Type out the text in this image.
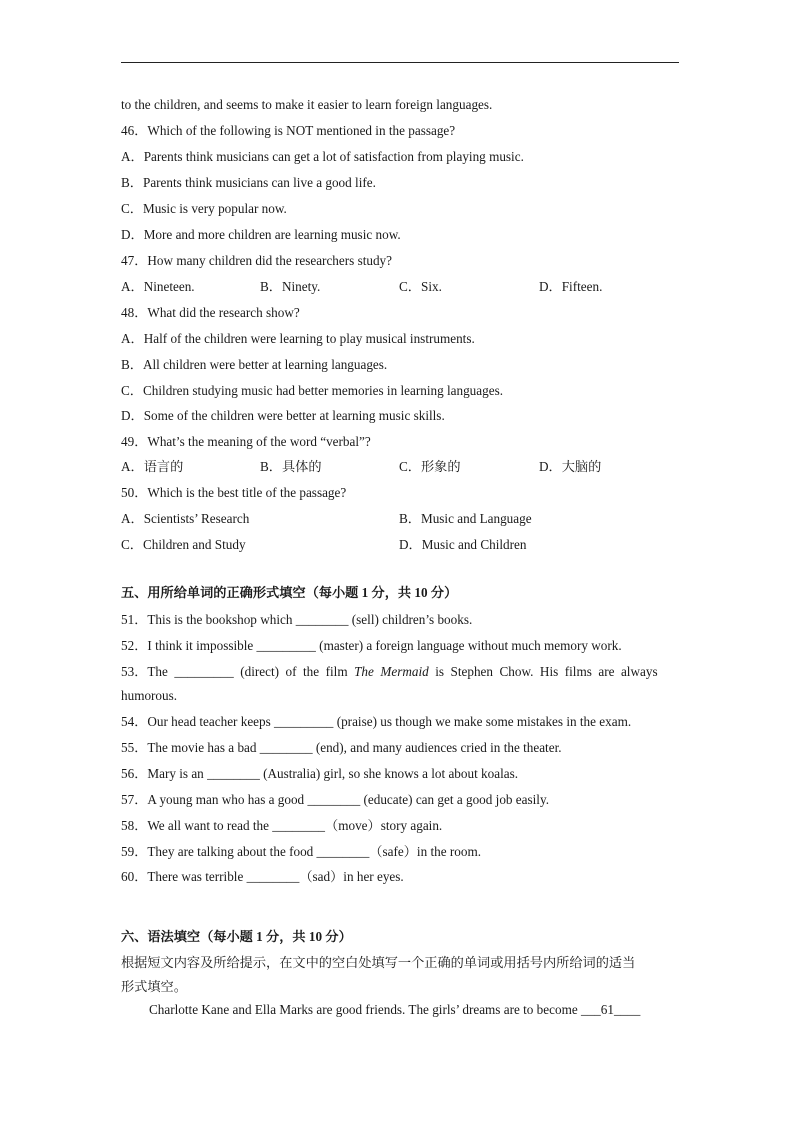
to the children, and seems to make it easier to learn foreign languages.
46．Which of the following is NOT mentioned in the passage?
A．Parents think musicians can get a lot of satisfaction from playing music.
B．Parents think musicians can live a good life.
C．Music is very popular now.
D．More and more children are learning music now.
47．How many children did the researchers study?
A．Nineteen.	B．Ninety.	C．Six.	D．Fifteen.
48．What did the research show?
A．Half of the children were learning to play musical instruments.
B．All children were better at learning languages.
C．Children studying music had better memories in learning languages.
D．Some of the children were better at learning music skills.
49．What’s the meaning of the word “verbal”?
A．语言的	B．具体的	C．形象的	D．大脑的
50．Which is the best title of the passage?
A．Scientists’ Research	B．Music and Language
C．Children and Study	D．Music and Children
五、用所给单词的正确形式填空（每小题 1 分，共 10 分）
51．This is the bookshop which ________ (sell) children’s books.
52．I think it impossible _________ (master) a foreign language without much memory work.
53．The _________ (direct) of the film The Mermaid is Stephen Chow. His films are always
humorous.
54．Our head teacher keeps _________ (praise) us though we make some mistakes in the exam.
55．The movie has a bad ________ (end), and many audiences cried in the theater.
56．Mary is an ________ (Australia) girl, so she knows a lot about koalas.
57．A young man who has a good ________ (educate) can get a good job easily.
58．We all want to read the ________（move）story again.
59．They are talking about the food ________（safe）in the room.
60．There was terrible ________（sad）in her eyes.
六、语法填空（每小题 1 分，共 10 分）
根据短文内容及所给提示，在文中的空白处填写一个正确的单词或用括号内所给词的适当
形式填空。
Charlotte Kane and Ella Marks are good friends. The girls’ dreams are to become ___61____
